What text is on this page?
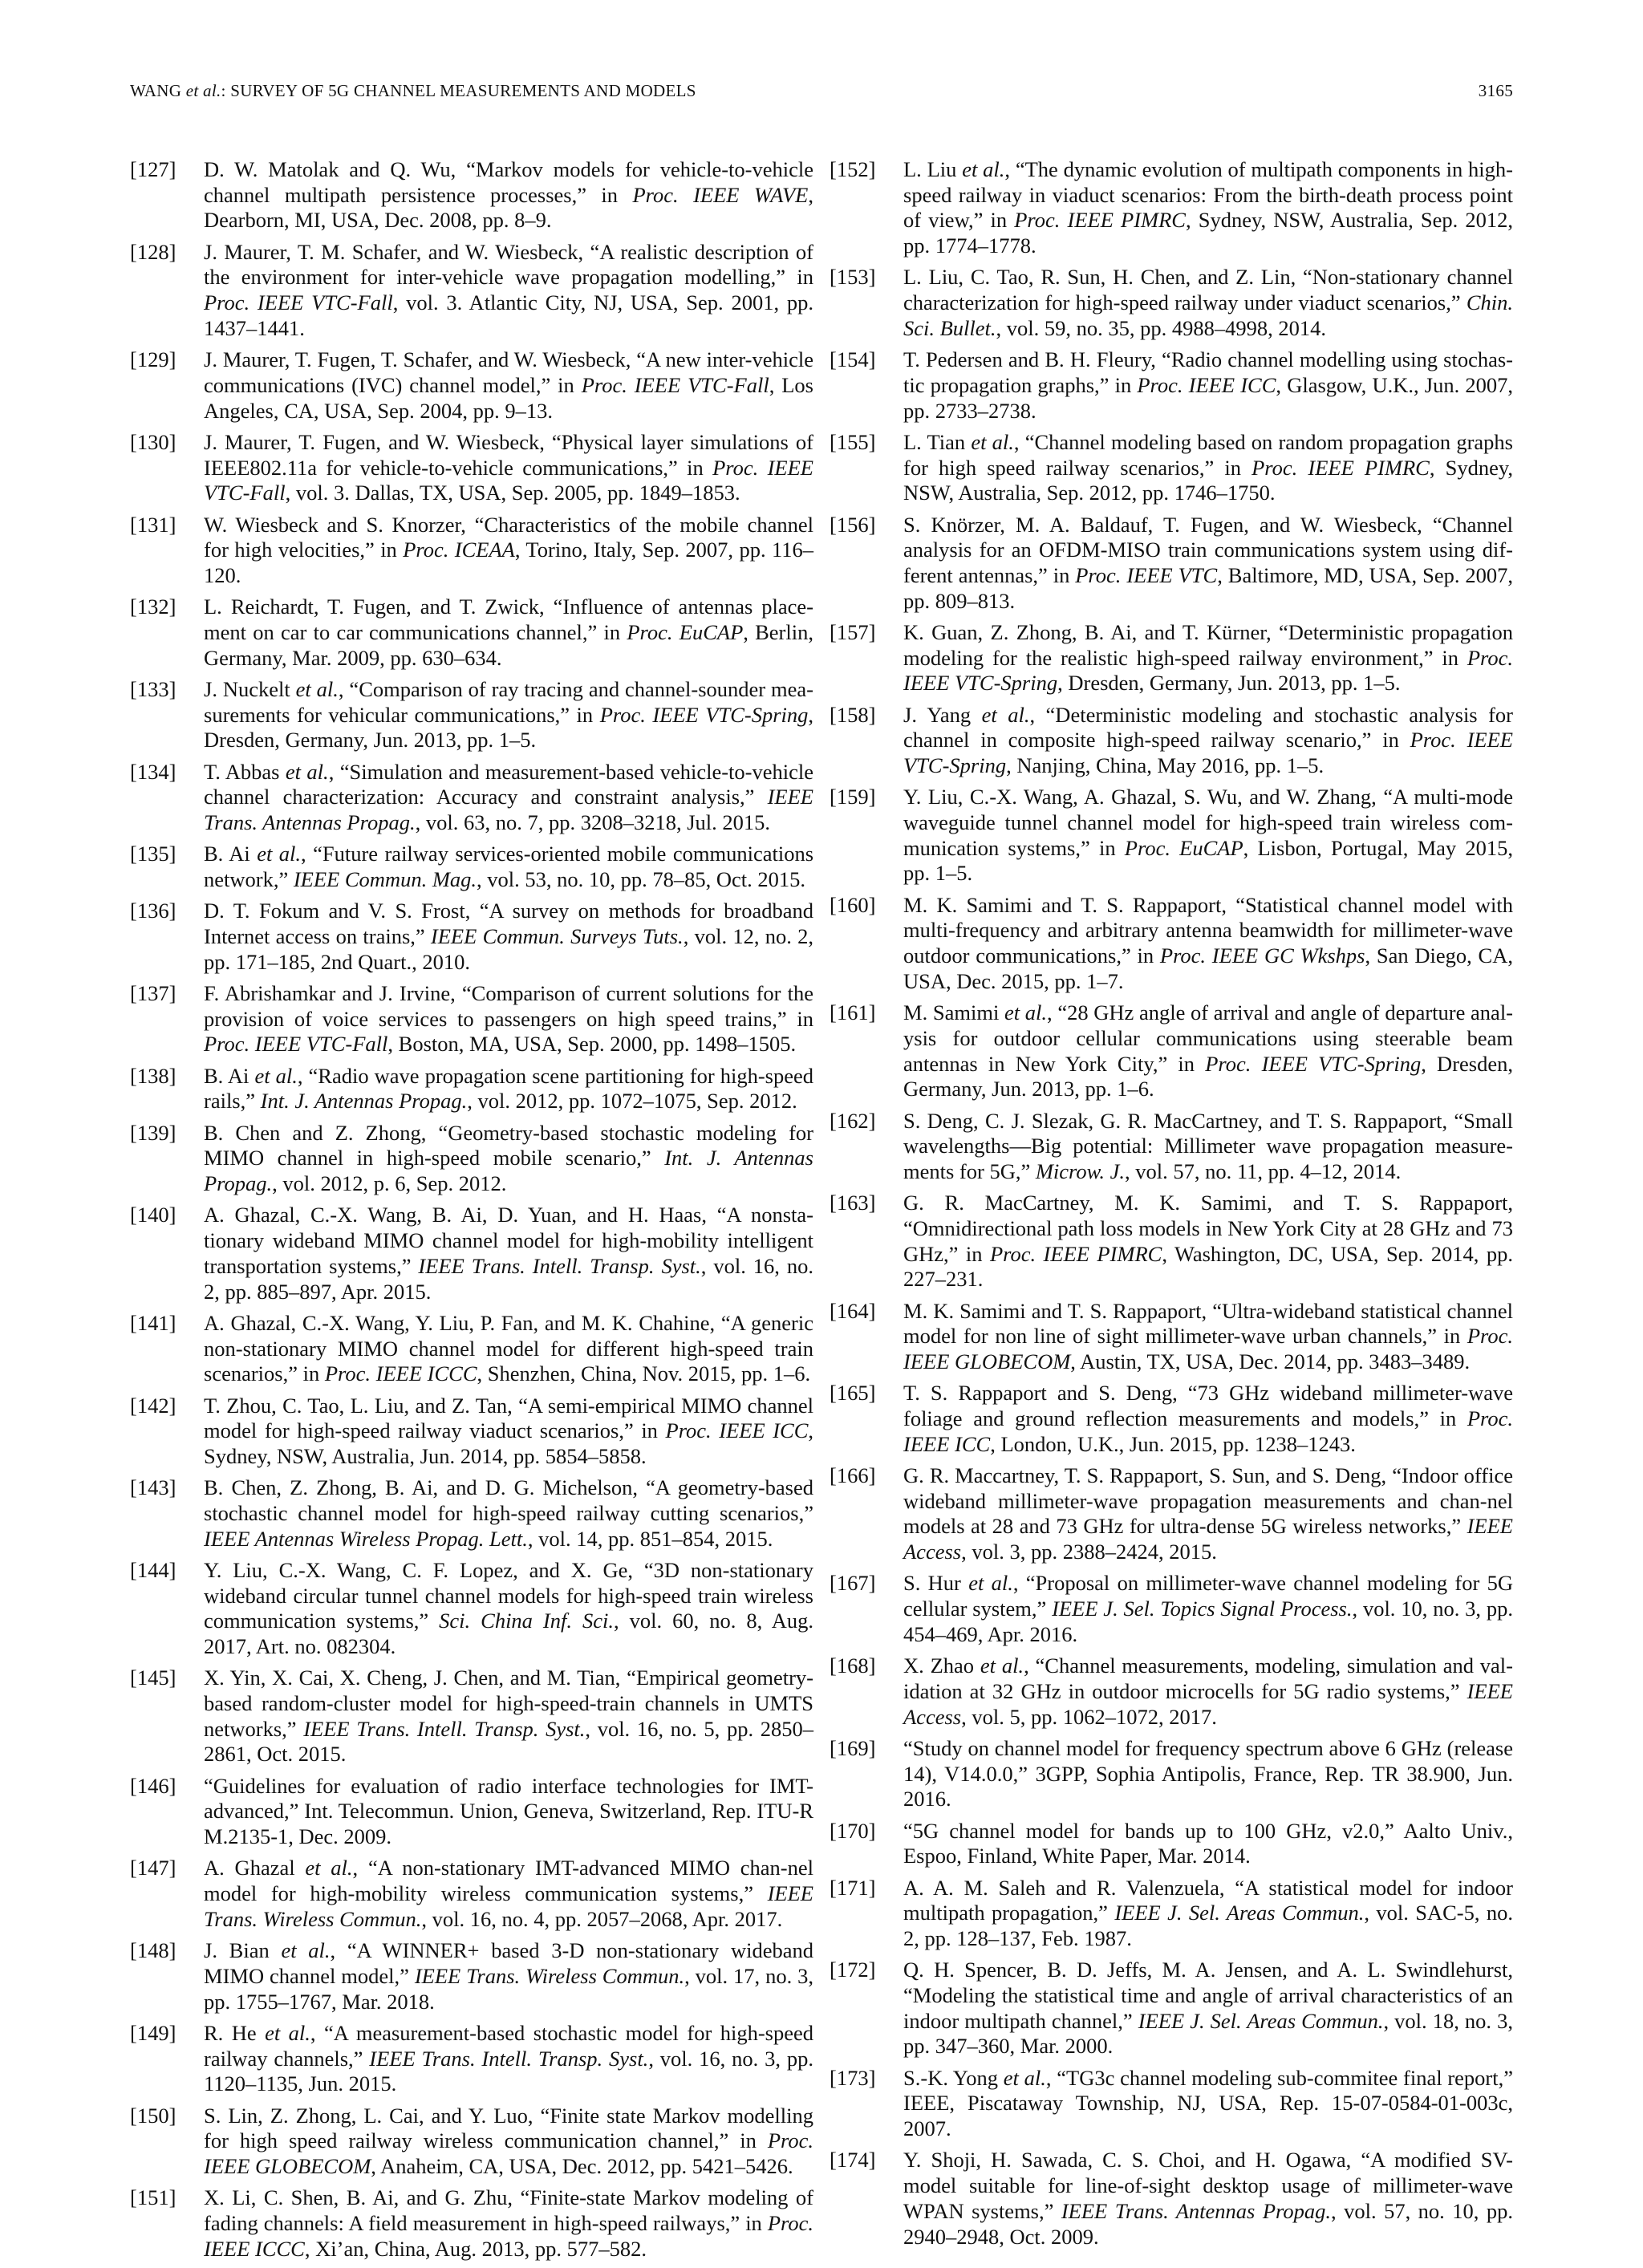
WANG et al.: SURVEY OF 5G CHANNEL MEASUREMENTS AND MODELS	3165
[127]	D. W. Matolak and Q. Wu, “Markov models for vehicle-to-vehicle channel multipath persistence processes,” in Proc. IEEE WAVE, Dearborn, MI, USA, Dec. 2008, pp. 8–9.
[128]	J. Maurer, T. M. Schafer, and W. Wiesbeck, “A realistic description of the environment for inter-vehicle wave propagation modelling,” in Proc. IEEE VTC-Fall, vol. 3. Atlantic City, NJ, USA, Sep. 2001, pp. 1437–1441.
[129]	J. Maurer, T. Fugen, T. Schafer, and W. Wiesbeck, “A new inter-vehicle communications (IVC) channel model,” in Proc. IEEE VTC-Fall, Los Angeles, CA, USA, Sep. 2004, pp. 9–13.
[130]	J. Maurer, T. Fugen, and W. Wiesbeck, “Physical layer simulations of IEEE802.11a for vehicle-to-vehicle communications,” in Proc. IEEE VTC-Fall, vol. 3. Dallas, TX, USA, Sep. 2005, pp. 1849–1853.
[131]	W. Wiesbeck and S. Knorzer, “Characteristics of the mobile channel for high velocities,” in Proc. ICEAA, Torino, Italy, Sep. 2007, pp. 116–120.
[132]	L. Reichardt, T. Fugen, and T. Zwick, “Influence of antennas place-ment on car to car communications channel,” in Proc. EuCAP, Berlin, Germany, Mar. 2009, pp. 630–634.
[133]	J. Nuckelt et al., “Comparison of ray tracing and channel-sounder mea-surements for vehicular communications,” in Proc. IEEE VTC-Spring, Dresden, Germany, Jun. 2013, pp. 1–5.
[134]	T. Abbas et al., “Simulation and measurement-based vehicle-to-vehicle channel characterization: Accuracy and constraint analysis,” IEEE Trans. Antennas Propag., vol. 63, no. 7, pp. 3208–3218, Jul. 2015.
[135]	B. Ai et al., “Future railway services-oriented mobile communications network,” IEEE Commun. Mag., vol. 53, no. 10, pp. 78–85, Oct. 2015.
[136]	D. T. Fokum and V. S. Frost, “A survey on methods for broadband Internet access on trains,” IEEE Commun. Surveys Tuts., vol. 12, no. 2, pp. 171–185, 2nd Quart., 2010.
[137]	F. Abrishamkar and J. Irvine, “Comparison of current solutions for the provision of voice services to passengers on high speed trains,” in Proc. IEEE VTC-Fall, Boston, MA, USA, Sep. 2000, pp. 1498–1505.
[138]	B. Ai et al., “Radio wave propagation scene partitioning for high-speed rails,” Int. J. Antennas Propag., vol. 2012, pp. 1072–1075, Sep. 2012.
[139]	B. Chen and Z. Zhong, “Geometry-based stochastic modeling for MIMO channel in high-speed mobile scenario,” Int. J. Antennas Propag., vol. 2012, p. 6, Sep. 2012.
[140]	A. Ghazal, C.-X. Wang, B. Ai, D. Yuan, and H. Haas, “A nonsta-tionary wideband MIMO channel model for high-mobility intelligent transportation systems,” IEEE Trans. Intell. Transp. Syst., vol. 16, no. 2, pp. 885–897, Apr. 2015.
[141]	A. Ghazal, C.-X. Wang, Y. Liu, P. Fan, and M. K. Chahine, “A generic non-stationary MIMO channel model for different high-speed train scenarios,” in Proc. IEEE ICCC, Shenzhen, China, Nov. 2015, pp. 1–6.
[142]	T. Zhou, C. Tao, L. Liu, and Z. Tan, “A semi-empirical MIMO channel model for high-speed railway viaduct scenarios,” in Proc. IEEE ICC, Sydney, NSW, Australia, Jun. 2014, pp. 5854–5858.
[143]	B. Chen, Z. Zhong, B. Ai, and D. G. Michelson, “A geometry-based stochastic channel model for high-speed railway cutting scenarios,” IEEE Antennas Wireless Propag. Lett., vol. 14, pp. 851–854, 2015.
[144]	Y. Liu, C.-X. Wang, C. F. Lopez, and X. Ge, “3D non-stationary wideband circular tunnel channel models for high-speed train wireless communication systems,” Sci. China Inf. Sci., vol. 60, no. 8, Aug. 2017, Art. no. 082304.
[145]	X. Yin, X. Cai, X. Cheng, J. Chen, and M. Tian, “Empirical geometry-based random-cluster model for high-speed-train channels in UMTS networks,” IEEE Trans. Intell. Transp. Syst., vol. 16, no. 5, pp. 2850–2861, Oct. 2015.
[146]	“Guidelines for evaluation of radio interface technologies for IMT-advanced,” Int. Telecommun. Union, Geneva, Switzerland, Rep. ITU-R M.2135-1, Dec. 2009.
[147]	A. Ghazal et al., “A non-stationary IMT-advanced MIMO chan-nel model for high-mobility wireless communication systems,” IEEE Trans. Wireless Commun., vol. 16, no. 4, pp. 2057–2068, Apr. 2017.
[148]	J. Bian et al., “A WINNER+ based 3-D non-stationary wideband MIMO channel model,” IEEE Trans. Wireless Commun., vol. 17, no. 3, pp. 1755–1767, Mar. 2018.
[149]	R. He et al., “A measurement-based stochastic model for high-speed railway channels,” IEEE Trans. Intell. Transp. Syst., vol. 16, no. 3, pp. 1120–1135, Jun. 2015.
[150]	S. Lin, Z. Zhong, L. Cai, and Y. Luo, “Finite state Markov modelling for high speed railway wireless communication channel,” in Proc. IEEE GLOBECOM, Anaheim, CA, USA, Dec. 2012, pp. 5421–5426.
[151]	X. Li, C. Shen, B. Ai, and G. Zhu, “Finite-state Markov modeling of fading channels: A field measurement in high-speed railways,” in Proc. IEEE ICCC, Xi’an, China, Aug. 2013, pp. 577–582.
[152]	L. Liu et al., “The dynamic evolution of multipath components in high-speed railway in viaduct scenarios: From the birth-death process point of view,” in Proc. IEEE PIMRC, Sydney, NSW, Australia, Sep. 2012, pp. 1774–1778.
[153]	L. Liu, C. Tao, R. Sun, H. Chen, and Z. Lin, “Non-stationary channel characterization for high-speed railway under viaduct scenarios,” Chin. Sci. Bullet., vol. 59, no. 35, pp. 4988–4998, 2014.
[154]	T. Pedersen and B. H. Fleury, “Radio channel modelling using stochas-tic propagation graphs,” in Proc. IEEE ICC, Glasgow, U.K., Jun. 2007, pp. 2733–2738.
[155]	L. Tian et al., “Channel modeling based on random propagation graphs for high speed railway scenarios,” in Proc. IEEE PIMRC, Sydney, NSW, Australia, Sep. 2012, pp. 1746–1750.
[156]	S. Knörzer, M. A. Baldauf, T. Fugen, and W. Wiesbeck, “Channel analysis for an OFDM-MISO train communications system using dif-ferent antennas,” in Proc. IEEE VTC, Baltimore, MD, USA, Sep. 2007, pp. 809–813.
[157]	K. Guan, Z. Zhong, B. Ai, and T. Kürner, “Deterministic propagation modeling for the realistic high-speed railway environment,” in Proc. IEEE VTC-Spring, Dresden, Germany, Jun. 2013, pp. 1–5.
[158]	J. Yang et al., “Deterministic modeling and stochastic analysis for channel in composite high-speed railway scenario,” in Proc. IEEE VTC-Spring, Nanjing, China, May 2016, pp. 1–5.
[159]	Y. Liu, C.-X. Wang, A. Ghazal, S. Wu, and W. Zhang, “A multi-mode waveguide tunnel channel model for high-speed train wireless com-munication systems,” in Proc. EuCAP, Lisbon, Portugal, May 2015, pp. 1–5.
[160]	M. K. Samimi and T. S. Rappaport, “Statistical channel model with multi-frequency and arbitrary antenna beamwidth for millimeter-wave outdoor communications,” in Proc. IEEE GC Wkshps, San Diego, CA, USA, Dec. 2015, pp. 1–7.
[161]	M. Samimi et al., “28 GHz angle of arrival and angle of departure anal-ysis for outdoor cellular communications using steerable beam antennas in New York City,” in Proc. IEEE VTC-Spring, Dresden, Germany, Jun. 2013, pp. 1–6.
[162]	S. Deng, C. J. Slezak, G. R. MacCartney, and T. S. Rappaport, “Small wavelengths—Big potential: Millimeter wave propagation measure-ments for 5G,” Microw. J., vol. 57, no. 11, pp. 4–12, 2014.
[163]	G. R. MacCartney, M. K. Samimi, and T. S. Rappaport, “Omnidirectional path loss models in New York City at 28 GHz and 73 GHz,” in Proc. IEEE PIMRC, Washington, DC, USA, Sep. 2014, pp. 227–231.
[164]	M. K. Samimi and T. S. Rappaport, “Ultra-wideband statistical channel model for non line of sight millimeter-wave urban channels,” in Proc. IEEE GLOBECOM, Austin, TX, USA, Dec. 2014, pp. 3483–3489.
[165]	T. S. Rappaport and S. Deng, “73 GHz wideband millimeter-wave foliage and ground reflection measurements and models,” in Proc. IEEE ICC, London, U.K., Jun. 2015, pp. 1238–1243.
[166]	G. R. Maccartney, T. S. Rappaport, S. Sun, and S. Deng, “Indoor office wideband millimeter-wave propagation measurements and chan-nel models at 28 and 73 GHz for ultra-dense 5G wireless networks,” IEEE Access, vol. 3, pp. 2388–2424, 2015.
[167]	S. Hur et al., “Proposal on millimeter-wave channel modeling for 5G cellular system,” IEEE J. Sel. Topics Signal Process., vol. 10, no. 3, pp. 454–469, Apr. 2016.
[168]	X. Zhao et al., “Channel measurements, modeling, simulation and val-idation at 32 GHz in outdoor microcells for 5G radio systems,” IEEE Access, vol. 5, pp. 1062–1072, 2017.
[169]	“Study on channel model for frequency spectrum above 6 GHz (release 14), V14.0.0,” 3GPP, Sophia Antipolis, France, Rep. TR 38.900, Jun. 2016.
[170]	“5G channel model for bands up to 100 GHz, v2.0,” Aalto Univ., Espoo, Finland, White Paper, Mar. 2014.
[171]	A. A. M. Saleh and R. Valenzuela, “A statistical model for indoor multipath propagation,” IEEE J. Sel. Areas Commun., vol. SAC-5, no. 2, pp. 128–137, Feb. 1987.
[172]	Q. H. Spencer, B. D. Jeffs, M. A. Jensen, and A. L. Swindlehurst, “Modeling the statistical time and angle of arrival characteristics of an indoor multipath channel,” IEEE J. Sel. Areas Commun., vol. 18, no. 3, pp. 347–360, Mar. 2000.
[173]	S.-K. Yong et al., “TG3c channel modeling sub-commitee final report,” IEEE, Piscataway Township, NJ, USA, Rep. 15-07-0584-01-003c, 2007.
[174]	Y. Shoji, H. Sawada, C. S. Choi, and H. Ogawa, “A modified SV-model suitable for line-of-sight desktop usage of millimeter-wave WPAN systems,” IEEE Trans. Antennas Propag., vol. 57, no. 10, pp. 2940–2948, Oct. 2009.
